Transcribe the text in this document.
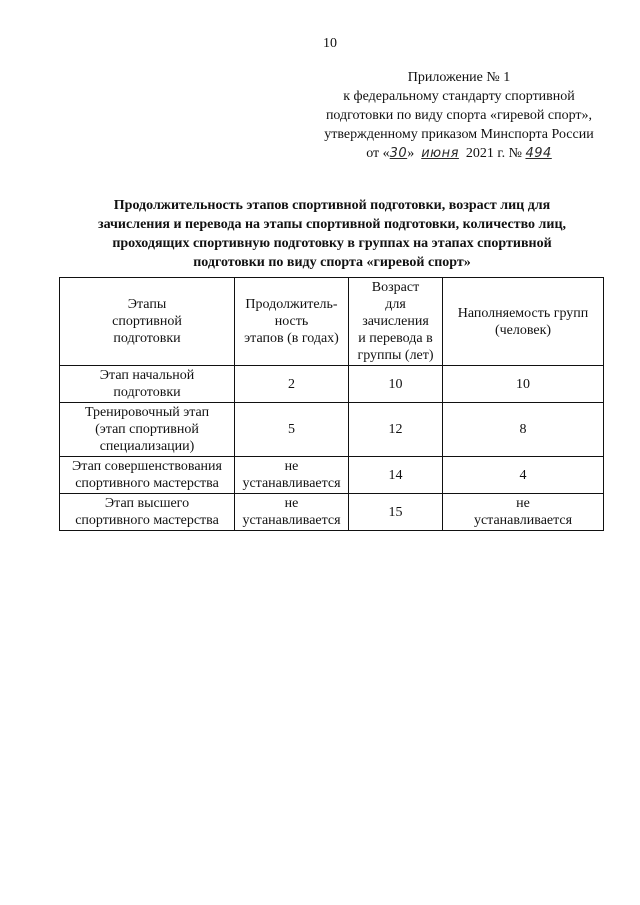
10
Приложение № 1
к федеральному стандарту спортивной
подготовки по виду спорта «гиревой спорт»,
утвержденному приказом Минспорта России
от «30» июня 2021 г. № 494
Продолжительность этапов спортивной подготовки, возраст лиц для
зачисления и перевода на этапы спортивной подготовки, количество лиц,
проходящих спортивную подготовку в группах на этапах спортивной
подготовки по виду спорта «гиревой спорт»
Этапы
спортивной
подготовки	Продолжитель-
ность
этапов (в годах)	Возраст
для
зачисления
и перевода в
группы (лет)	Наполняемость групп
(человек)

Этап начальной
подготовки	2	10	10

Тренировочный этап
(этап спортивной
специализации)	5	12	8

Этап совершенствования
спортивного мастерства	не
устанавливается	14	4

Этап высшего
спортивного мастерства	не
устанавливается	15	не
устанавливается
